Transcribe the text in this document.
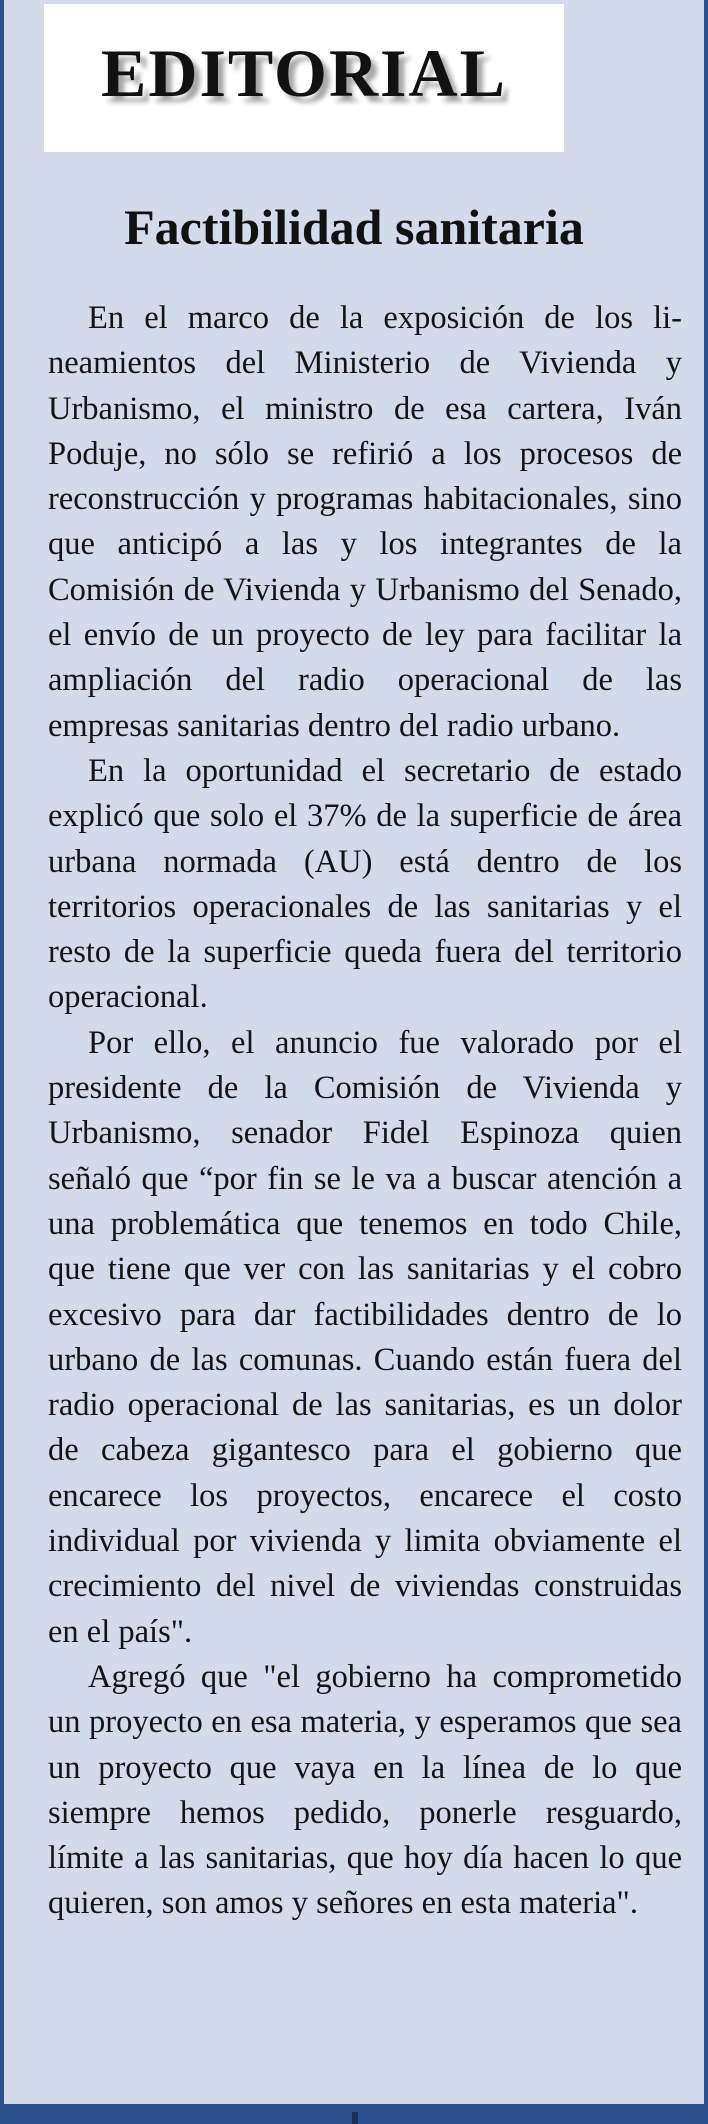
EDITORIAL
Factibilidad sanitaria

En el marco de la exposición de los lineamientos del Ministerio de Vivienda y Urbanismo, el ministro de esa cartera, Iván Poduje, no sólo se refirió a los procesos de reconstrucción y programas habitacionales, sino que anticipó a las y los integrantes de la Comisión de Vivienda y Urbanismo del Senado, el envío de un proyecto de ley para facilitar la ampliación del radio operacional de las empresas sanitarias dentro del radio urbano.

En la oportunidad el secretario de estado explicó que solo el 37% de la superficie de área urbana normada (AU) está dentro de los territorios operacionales de las sanitarias y el resto de la superficie queda fuera del territorio operacional.

Por ello, el anuncio fue valorado por el presidente de la Comisión de Vivienda y Urbanismo, senador Fidel Espinoza quien señaló que “por fin se le va a buscar atención a una problemática que tenemos en todo Chile, que tiene que ver con las sanitarias y el cobro excesivo para dar factibilidades dentro de lo urbano de las comunas. Cuando están fuera del radio operacional de las sanitarias, es un dolor de cabeza gigantesco para el gobierno que encarece los proyectos, encarece el costo individual por vivienda y limita obviamente el crecimiento del nivel de viviendas construidas en el país".

Agregó que "el gobierno ha comprometido un proyecto en esa materia, y esperamos que sea un proyecto que vaya en la línea de lo que siempre hemos pedido, ponerle resguardo, límite a las sanitarias, que hoy día hacen lo que quieren, son amos y señores en esta materia".
